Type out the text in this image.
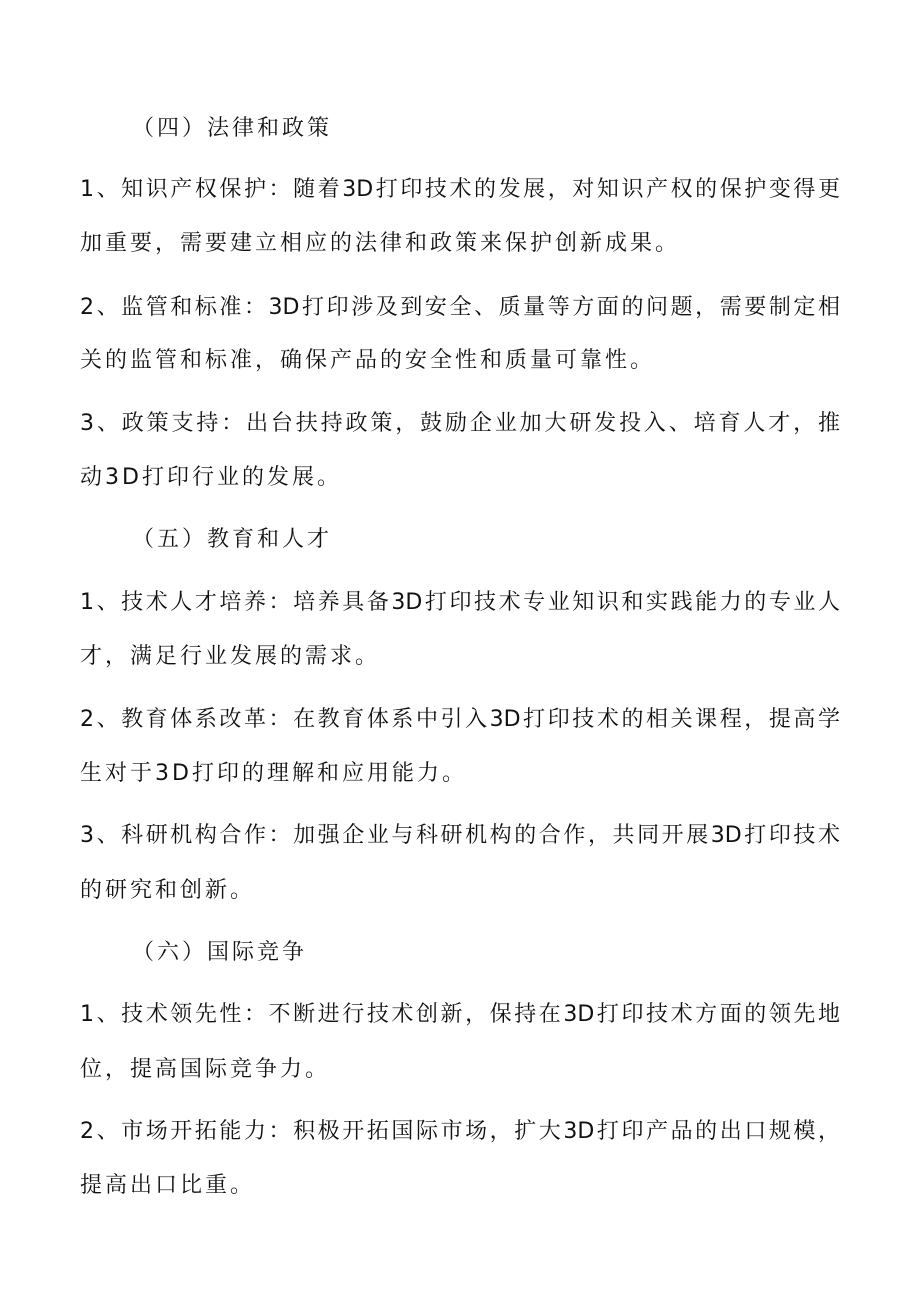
（四）法律和政策
1、知识产权保护：随着3D打印技术的发展，对知识产权的保护变得更
加重要，需要建立相应的法律和政策来保护创新成果。
2、监管和标准：3D打印涉及到安全、质量等方面的问题，需要制定相
关的监管和标准，确保产品的安全性和质量可靠性。
3、政策支持：出台扶持政策，鼓励企业加大研发投入、培育人才，推
动3D打印行业的发展。
（五）教育和人才
1、技术人才培养：培养具备3D打印技术专业知识和实践能力的专业人
才，满足行业发展的需求。
2、教育体系改革：在教育体系中引入3D打印技术的相关课程，提高学
生对于3D打印的理解和应用能力。
3、科研机构合作：加强企业与科研机构的合作，共同开展3D打印技术
的研究和创新。
（六）国际竞争
1、技术领先性：不断进行技术创新，保持在3D打印技术方面的领先地
位，提高国际竞争力。
2、市场开拓能力：积极开拓国际市场，扩大3D打印产品的出口规模，
提高出口比重。
